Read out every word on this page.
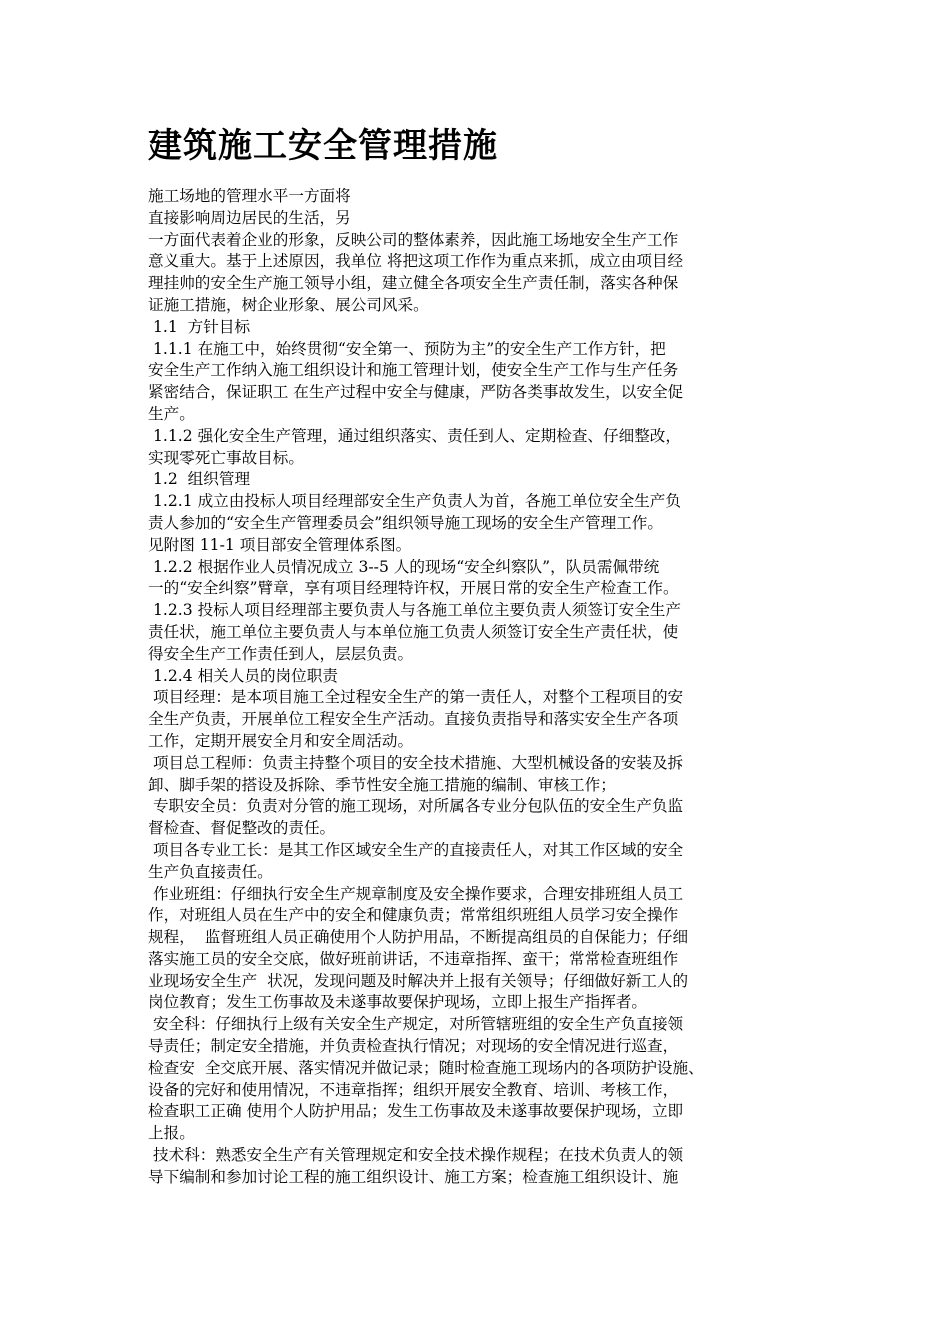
建筑施工安全管理措施
施工场地的管理水平一方面将
直接影响周边居民的生活，另
一方面代表着企业的形象，反映公司的整体素养，因此施工场地安全生产工作
意义重大。基于上述原因，我单位 将把这项工作作为重点来抓，成立由项目经
理挂帅的安全生产施工领导小组，建立健全各项安全生产责任制，落实各种保
证施工措施，树企业形象、展公司风采。
1.1  方针目标
1.1.1 在施工中，始终贯彻“安全第一、预防为主”的安全生产工作方针，把
安全生产工作纳入施工组织设计和施工管理计划，使安全生产工作与生产任务
紧密结合，保证职工 在生产过程中安全与健康，严防各类事故发生，以安全促
生产。
1.1.2 强化安全生产管理，通过组织落实、责任到人、定期检查、仔细整改，
实现零死亡事故目标。
1.2  组织管理
1.2.1 成立由投标人项目经理部安全生产负责人为首，各施工单位安全生产负
责人参加的“安全生产管理委员会”组织领导施工现场的安全生产管理工作。
见附图 11-1 项目部安全管理体系图。
1.2.2 根据作业人员情况成立 3--5 人的现场“安全纠察队”，队员需佩带统
一的“安全纠察”臂章，享有项目经理特许权，开展日常的安全生产检查工作。
1.2.3 投标人项目经理部主要负责人与各施工单位主要负责人须签订安全生产
责任状，施工单位主要负责人与本单位施工负责人须签订安全生产责任状，使
得安全生产工作责任到人，层层负责。
1.2.4 相关人员的岗位职责
项目经理：是本项目施工全过程安全生产的第一责任人，对整个工程项目的安
全生产负责，开展单位工程安全生产活动。直接负责指导和落实安全生产各项
工作，定期开展安全月和安全周活动。
项目总工程师：负责主持整个项目的安全技术措施、大型机械设备的安装及拆
卸、脚手架的搭设及拆除、季节性安全施工措施的编制、审核工作；
专职安全员：负责对分管的施工现场，对所属各专业分包队伍的安全生产负监
督检查、督促整改的责任。
项目各专业工长：是其工作区域安全生产的直接责任人，对其工作区域的安全
生产负直接责任。
作业班组：仔细执行安全生产规章制度及安全操作要求，合理安排班组人员工
作，对班组人员在生产中的安全和健康负责；常常组织班组人员学习安全操作
规程，  监督班组人员正确使用个人防护用品，不断提高组员的自保能力；仔细
落实施工员的安全交底，做好班前讲话，不违章指挥、蛮干；常常检查班组作
业现场安全生产  状况，发现问题及时解决并上报有关领导；仔细做好新工人的
岗位教育；发生工伤事故及未遂事故要保护现场，立即上报生产指挥者。
安全科：仔细执行上级有关安全生产规定，对所管辖班组的安全生产负直接领
导责任；制定安全措施，并负责检查执行情况；对现场的安全情况进行巡查，
检查安  全交底开展、落实情况并做记录；随时检查施工现场内的各项防护设施、
设备的完好和使用情况，不违章指挥；组织开展安全教育、培训、考核工作，
检查职工正确 使用个人防护用品；发生工伤事故及未遂事故要保护现场，立即
上报。
技术科：熟悉安全生产有关管理规定和安全技术操作规程；在技术负责人的领
导下编制和参加讨论工程的施工组织设计、施工方案；检查施工组织设计、施
